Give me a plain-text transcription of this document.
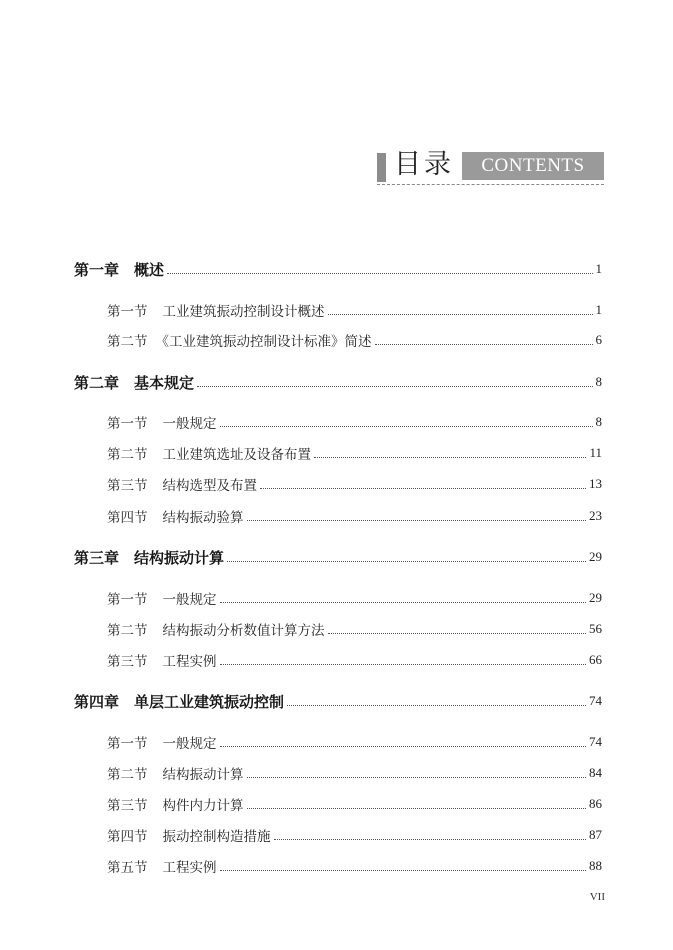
目录	CONTENTS
第一章 概述	1
第一节 工业建筑振动控制设计概述	1
第二节 《工业建筑振动控制设计标准》简述	6
第二章 基本规定	8
第一节 一般规定	8
第二节 工业建筑选址及设备布置	11
第三节 结构选型及布置	13
第四节 结构振动验算	23
第三章 结构振动计算	29
第一节 一般规定	29
第二节 结构振动分析数值计算方法	56
第三节 工程实例	66
第四章 单层工业建筑振动控制	74
第一节 一般规定	74
第二节 结构振动计算	84
第三节 构件内力计算	86
第四节 振动控制构造措施	87
第五节 工程实例	88
VII
